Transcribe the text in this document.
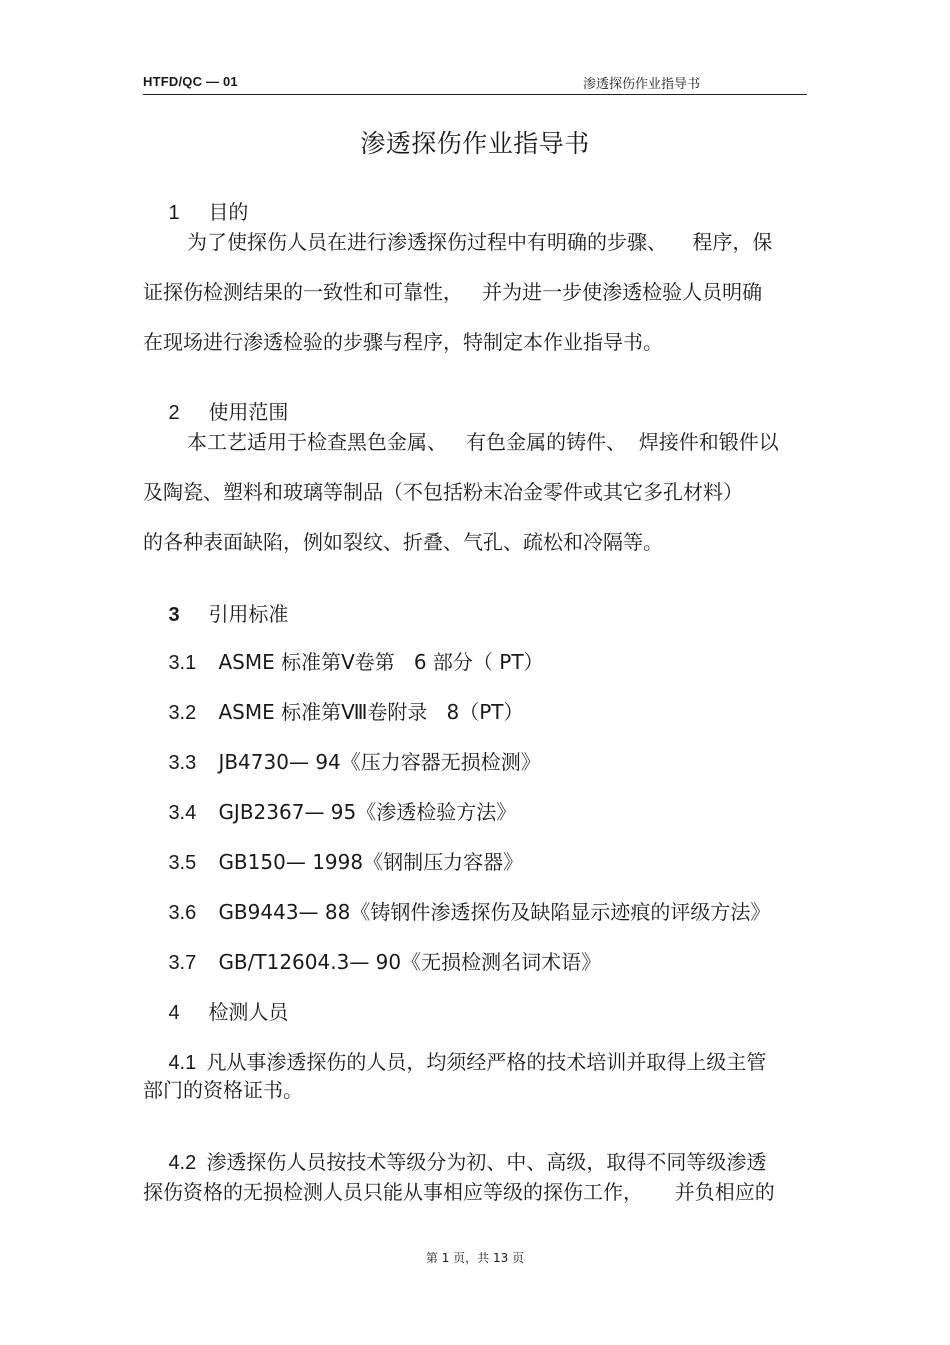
HTFD/QC — 01	渗透探伤作业指导书
渗透探伤作业指导书

1 目的

为了使探伤人员在进行渗透探伤过程中有明确的步骤、    程序，保
证探伤检测结果的一致性和可靠性，   并为进一步使渗透检验人员明确
在现场进行渗透检验的步骤与程序，特制定本作业指导书。

2 使用范围

本工艺适用于检查黑色金属、   有色金属的铸件、  焊接件和锻件以
及陶瓷、塑料和玻璃等制品（不包括粉末冶金零件或其它多孔材料）
的各种表面缺陷，例如裂纹、折叠、气孔、疏松和冷隔等。

3 引用标准

3.1 ASME 标准第Ⅴ卷第   6 部分（ PT）

3.2 ASME 标准第Ⅷ卷附录   8（PT）

3.3 JB4730— 94《压力容器无损检测》

3.4 GJB2367— 95《渗透检验方法》

3.5 GB150— 1998《钢制压力容器》

3.6 GB9443— 88《铸钢件渗透探伤及缺陷显示迹痕的评级方法》

3.7 GB/T12604.3— 90《无损检测名词术语》

4 检测人员

4.1 凡从事渗透探伤的人员，均须经严格的技术培训并取得上级主管

部门的资格证书。

4.2 渗透探伤人员按技术等级分为初、中、高级，取得不同等级渗透

探伤资格的无损检测人员只能从事相应等级的探伤工作，     并负相应的
第 1 页，共 13 页
